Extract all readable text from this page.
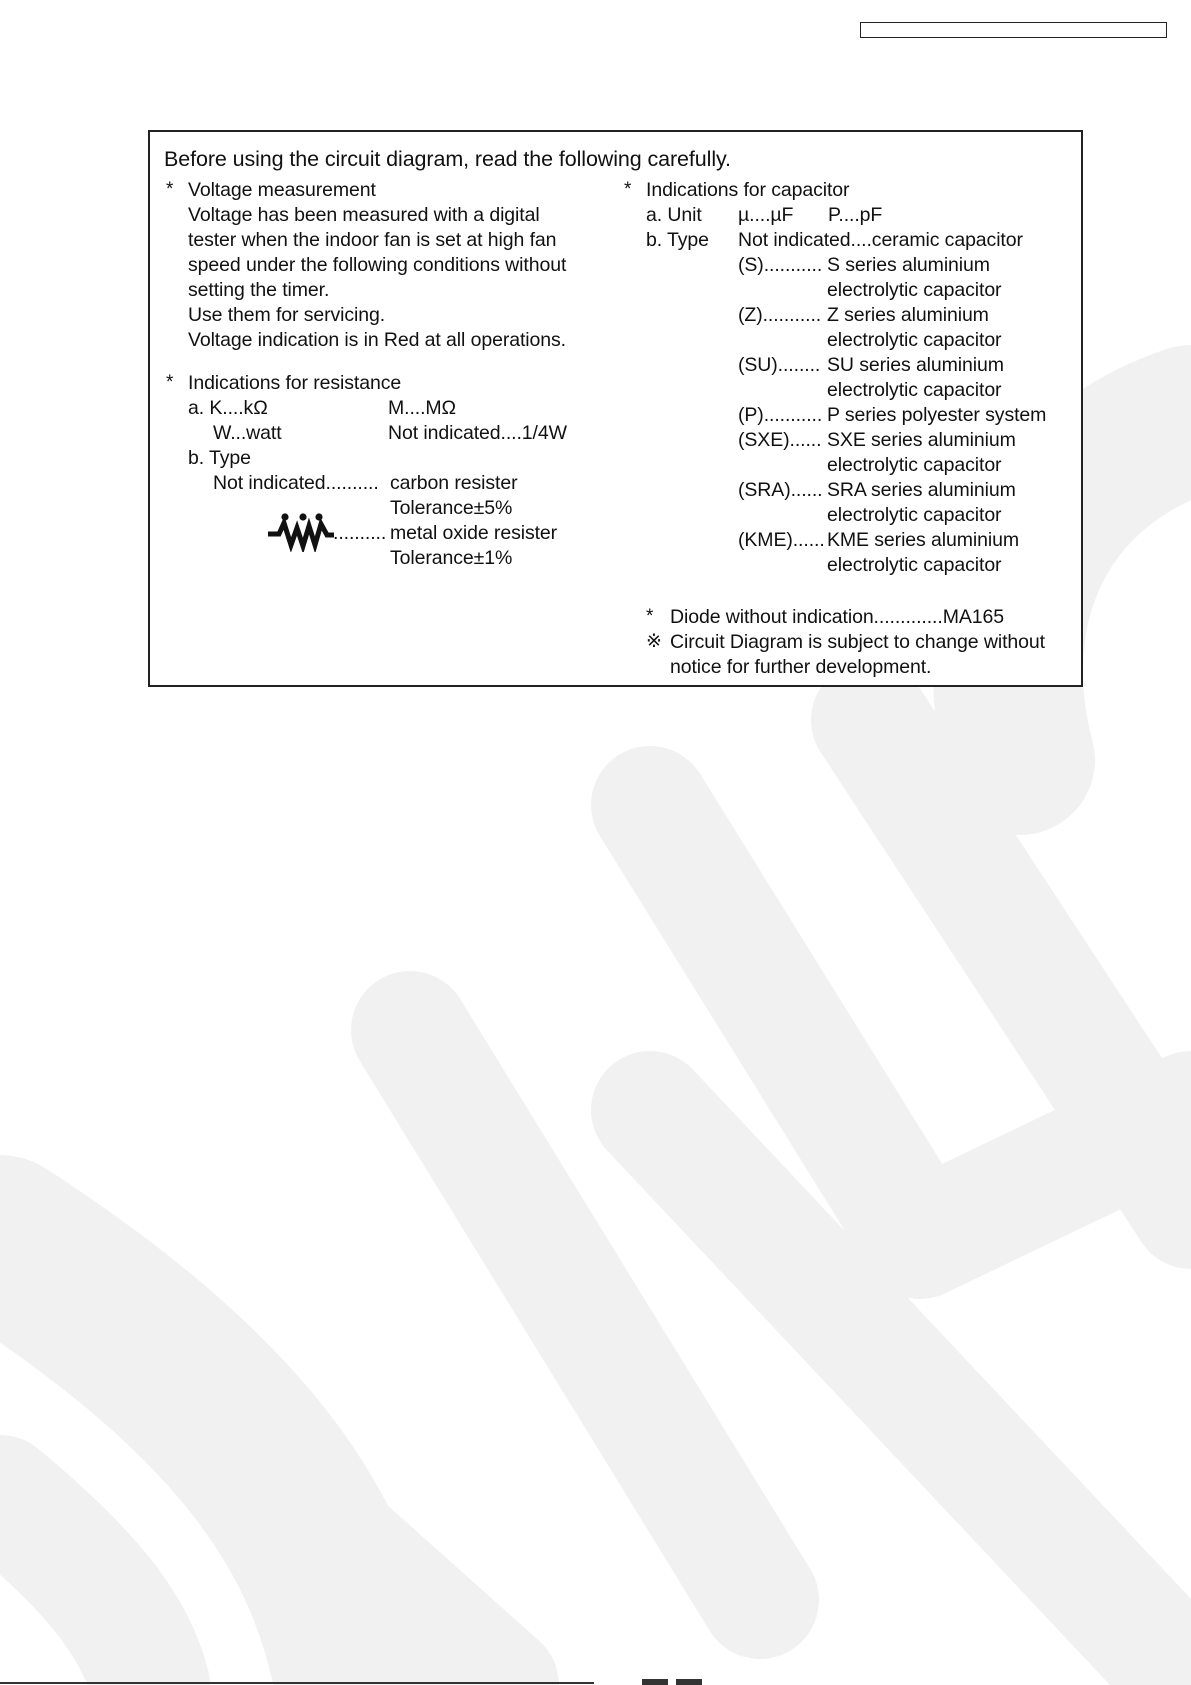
Before using the circuit diagram, read the following carefully.
* Voltage measurement
Voltage has been measured with a digital
tester when the indoor fan is set at high fan
speed under the following conditions without
setting the timer.
Use them for servicing.
Voltage indication is in Red at all operations.
* Indications for resistance
a. K....kΩ	M....MΩ
W...watt	Not indicated....1/4W
b. Type
Not indicated.......... carbon resister
Tolerance±5%
.......... metal oxide resister
Tolerance±1%
* Indications for capacitor
a. Unit µ....µF P....pF
b. Type Not indicated....ceramic capacitor
(S)........... S series aluminium
electrolytic capacitor
(Z)........... Z series aluminium
electrolytic capacitor
(SU)........ SU series aluminium
electrolytic capacitor
(P)........... P series polyester system
(SXE)...... SXE series aluminium
electrolytic capacitor
(SRA)...... SRA series aluminium
electrolytic capacitor
(KME)...... KME series aluminium
electrolytic capacitor
* Diode without indication.............MA165
※ Circuit Diagram is subject to change without
notice for further development.
